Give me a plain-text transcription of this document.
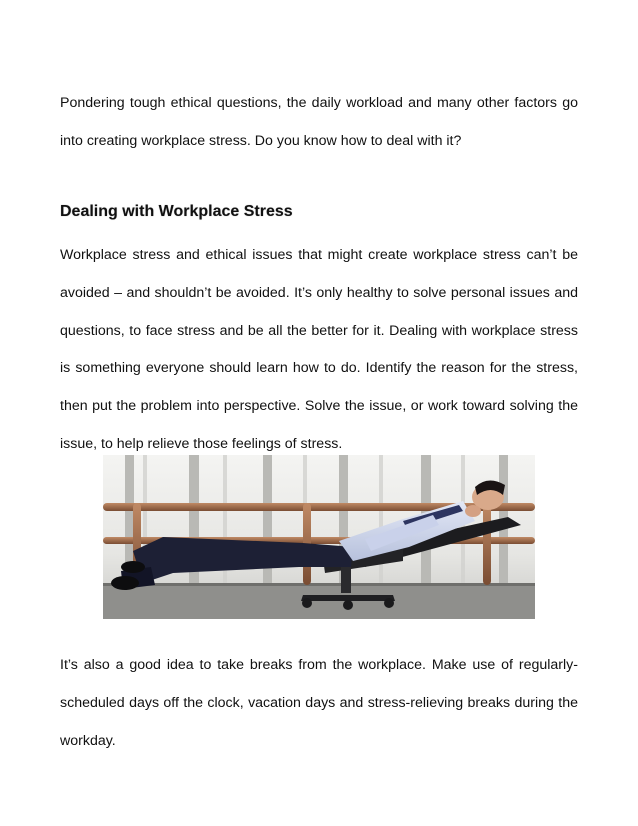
Pondering tough ethical questions, the daily workload and many other factors go into creating workplace stress. Do you know how to deal with it?

Dealing with Workplace Stress

Workplace stress and ethical issues that might create workplace stress can’t be avoided – and shouldn’t be avoided. It’s only healthy to solve personal issues and questions, to face stress and be all the better for it. Dealing with workplace stress is something everyone should learn how to do. Identify the reason for the stress, then put the problem into perspective. Solve the issue, or work toward solving the issue, to help relieve those feelings of stress.

It’s also a good idea to take breaks from the workplace. Make use of regularly-scheduled days off the clock, vacation days and stress-relieving breaks during the workday.
